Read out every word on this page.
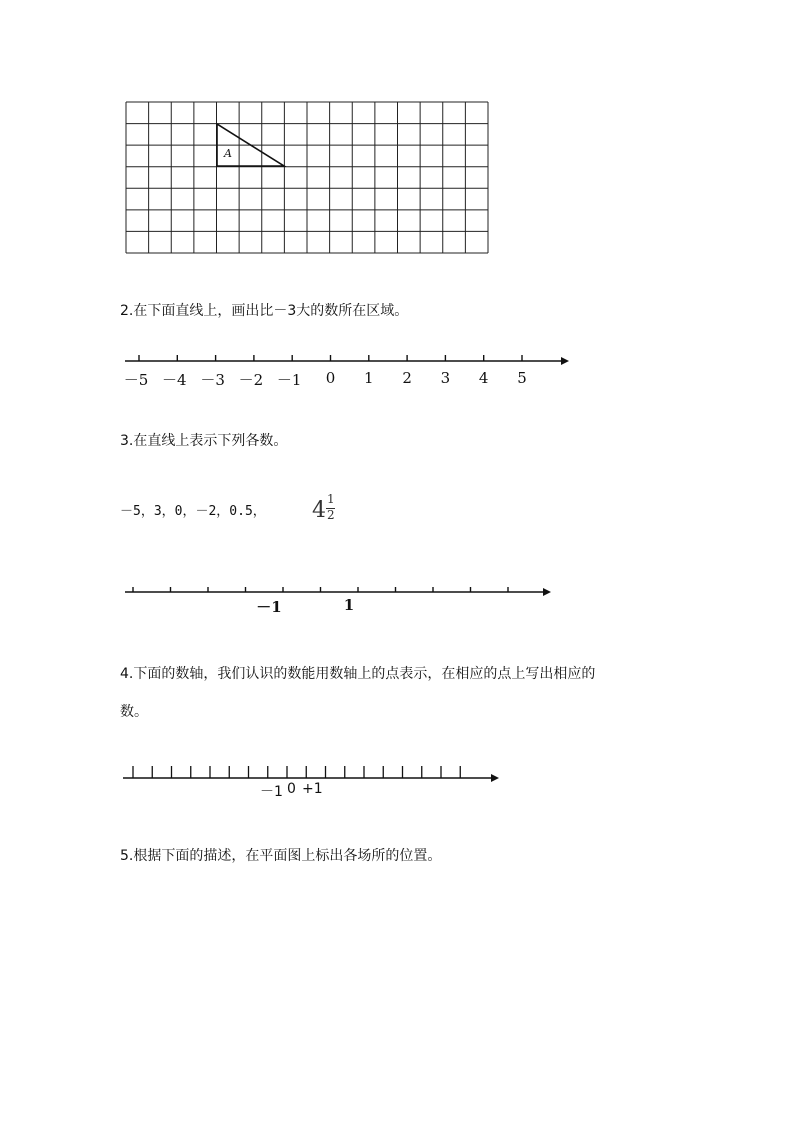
A
2.在下面直线上，画出比－3大的数所在区域。
－5 －4 －3 －2 －1	0	1	2	3	4	5
3.在直线上表示下列各数。
－5，3，0，－2，0.5， 4 1
2
－1	1
4.下面的数轴，我们认识的数能用数轴上的点表示，在相应的点上写出相应的
数。
－1 0 +1
5.根据下面的描述，在平面图上标出各场所的位置。
